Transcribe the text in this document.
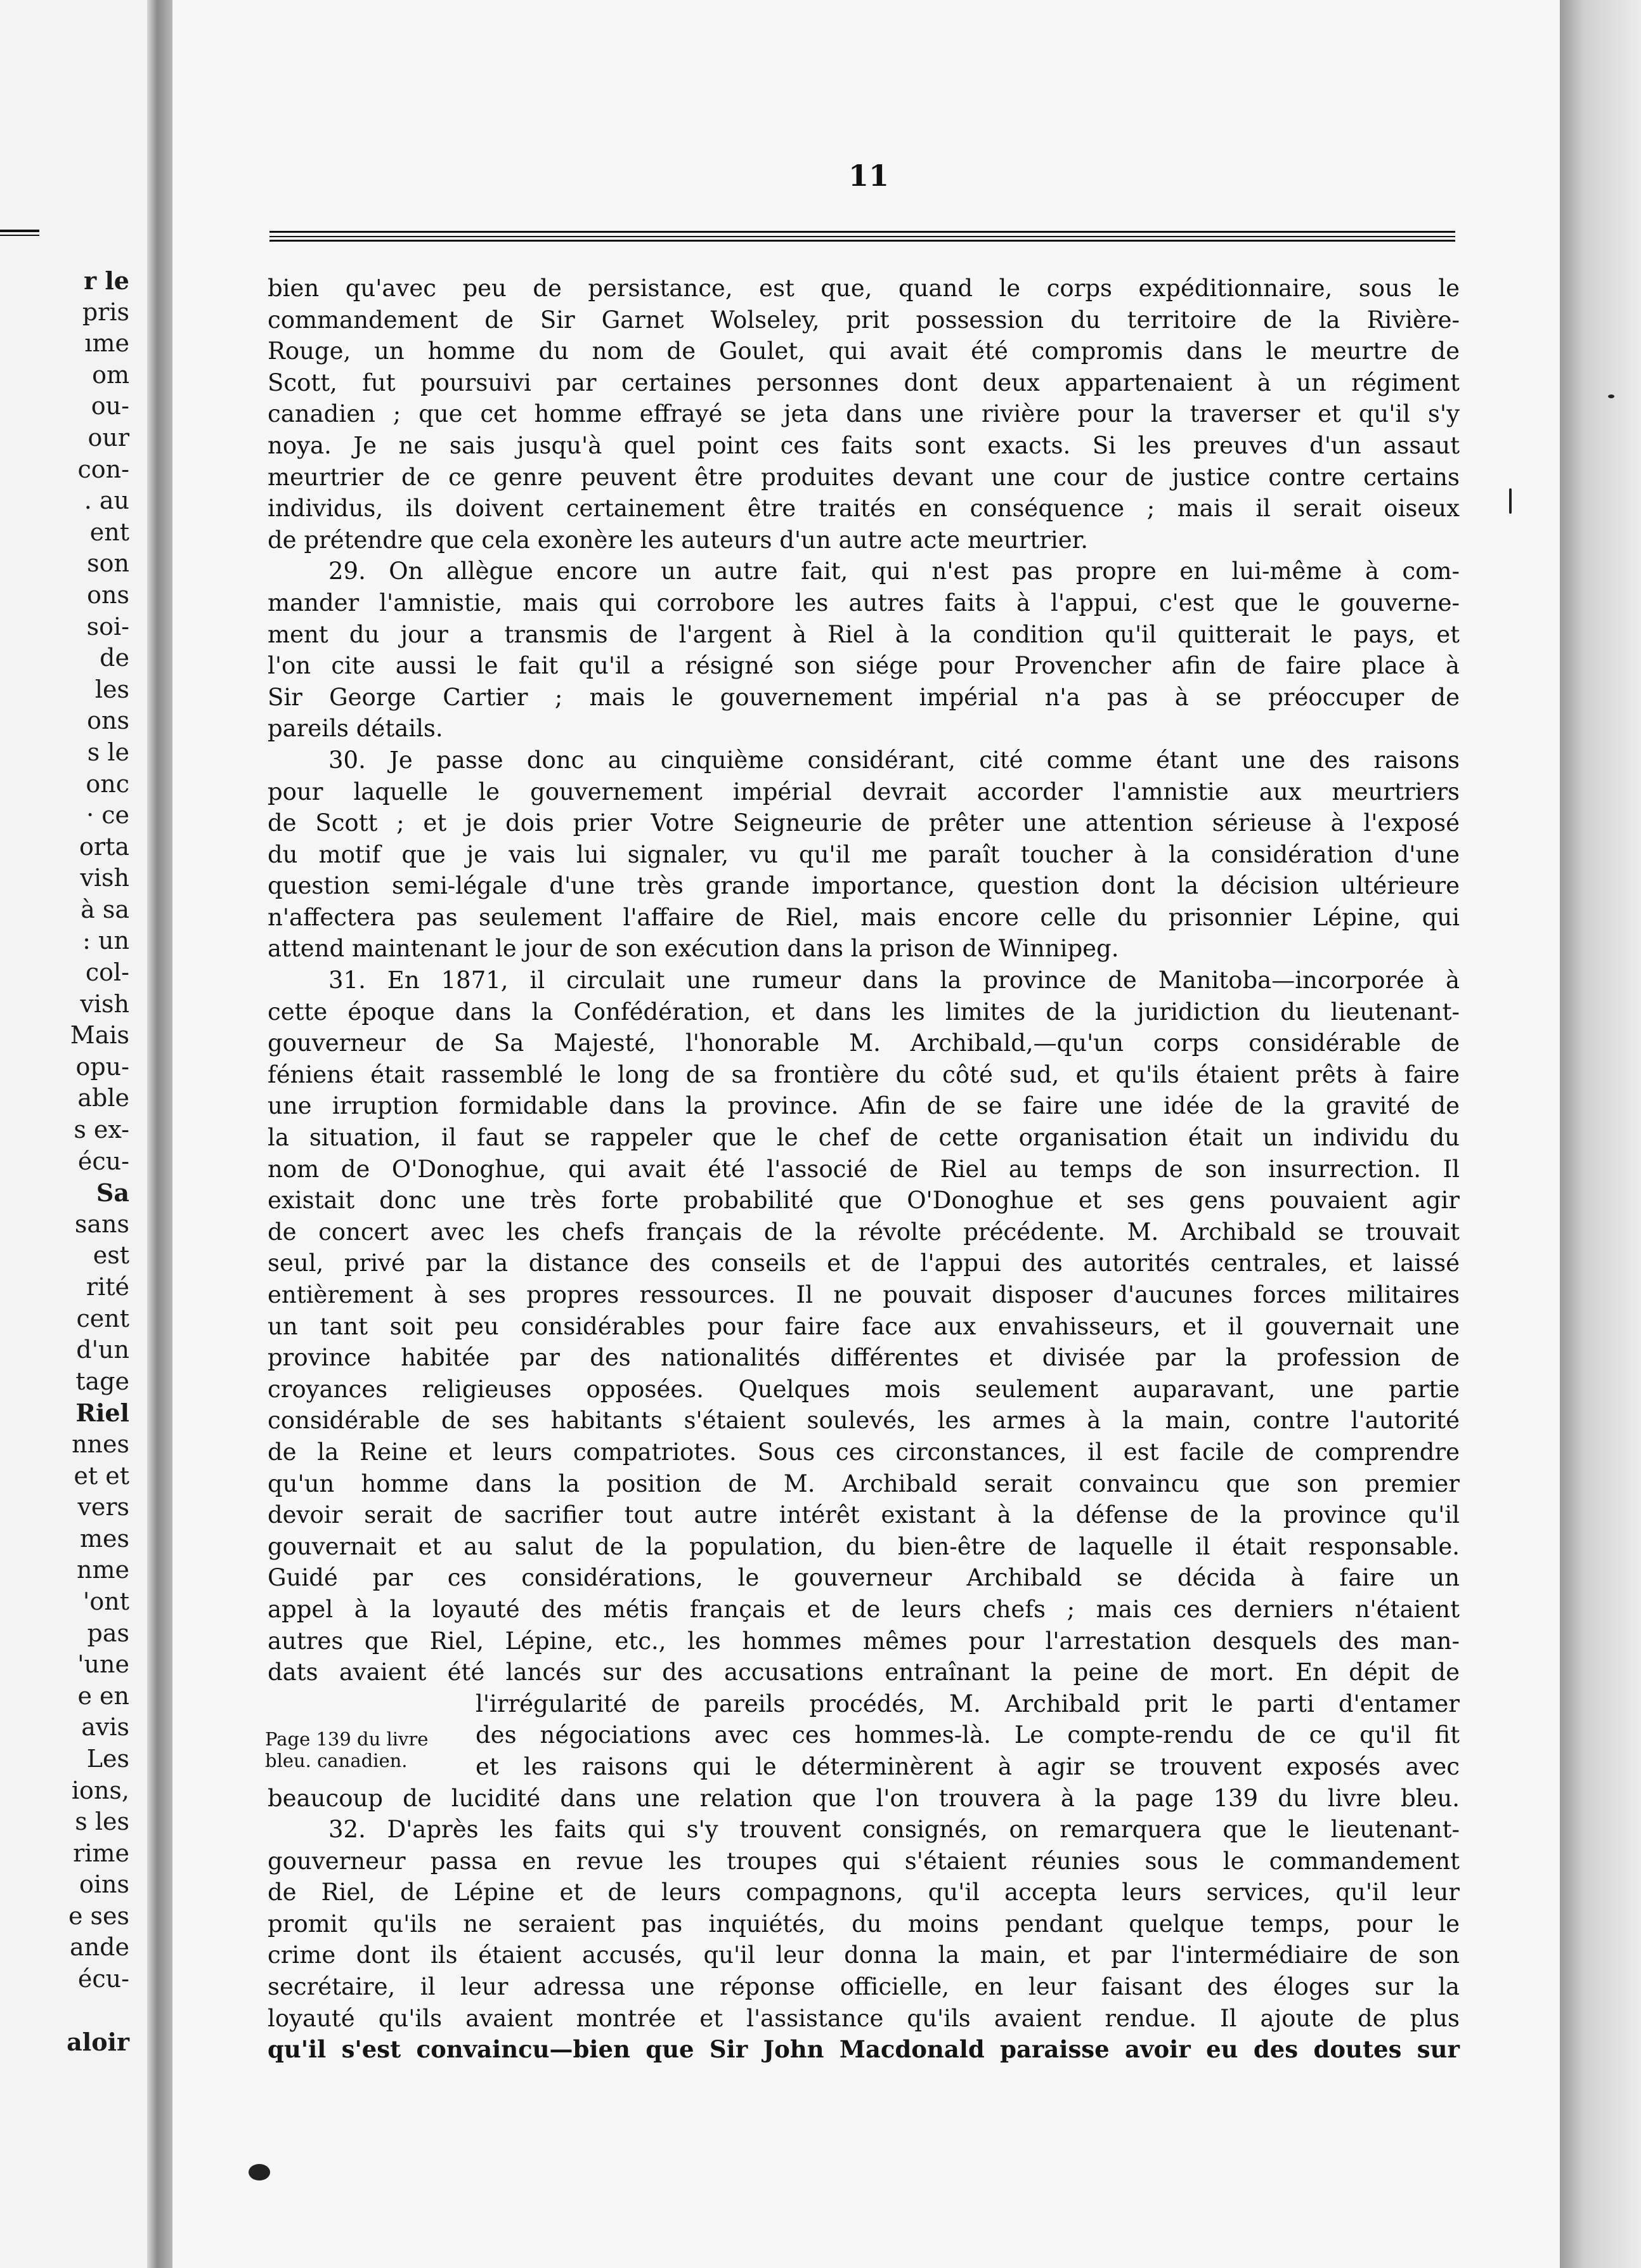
r le
pris
ıme
om
ou-
our
con-
. au
ent
son
ons
soi-
de
les
ons
s le
onc
· ce
orta
vish
à sa
: un
col-
vish
Mais
opu-
able
s ex-
écu-
Sa
sans
est
rité
cent
d'un
tage
Riel
nnes
et et
vers
mes
nme
'ont
pas
'une
e en
avis
Les
ions,
s les
rime
oins
e ses
ande
écu-
aloir
11
bien qu'avec peu de persistance, est que, quand le corps expéditionnaire, sous le
commandement de Sir Garnet Wolseley, prit possession du territoire de la Rivière-
Rouge, un homme du nom de Goulet, qui avait été compromis dans le meurtre de
Scott, fut poursuivi par certaines personnes dont deux appartenaient à un régiment
canadien ; que cet homme effrayé se jeta dans une rivière pour la traverser et qu'il s'y
noya. Je ne sais jusqu'à quel point ces faits sont exacts. Si les preuves d'un assaut
meurtrier de ce genre peuvent être produites devant une cour de justice contre certains
individus, ils doivent certainement être traités en conséquence ; mais il serait oiseux
de prétendre que cela exonère les auteurs d'un autre acte meurtrier.
29. On allègue encore un autre fait, qui n'est pas propre en lui-même à com-
mander l'amnistie, mais qui corrobore les autres faits à l'appui, c'est que le gouverne-
ment du jour a transmis de l'argent à Riel à la condition qu'il quitterait le pays, et
l'on cite aussi le fait qu'il a résigné son siége pour Provencher afin de faire place à
Sir George Cartier ; mais le gouvernement impérial n'a pas à se préoccuper de
pareils détails.
30. Je passe donc au cinquième considérant, cité comme étant une des raisons
pour laquelle le gouvernement impérial devrait accorder l'amnistie aux meurtriers
de Scott ; et je dois prier Votre Seigneurie de prêter une attention sérieuse à l'exposé
du motif que je vais lui signaler, vu qu'il me paraît toucher à la considération d'une
question semi-légale d'une très grande importance, question dont la décision ultérieure
n'affectera pas seulement l'affaire de Riel, mais encore celle du prisonnier Lépine, qui
attend maintenant le jour de son exécution dans la prison de Winnipeg.
31. En 1871, il circulait une rumeur dans la province de Manitoba—incorporée à
cette époque dans la Confédération, et dans les limites de la juridiction du lieutenant-
gouverneur de Sa Majesté, l'honorable M. Archibald,—qu'un corps considérable de
féniens était rassemblé le long de sa frontière du côté sud, et qu'ils étaient prêts à faire
une irruption formidable dans la province. Afin de se faire une idée de la gravité de
la situation, il faut se rappeler que le chef de cette organisation était un individu du
nom de O'Donoghue, qui avait été l'associé de Riel au temps de son insurrection. Il
existait donc une très forte probabilité que O'Donoghue et ses gens pouvaient agir
de concert avec les chefs français de la révolte précédente. M. Archibald se trouvait
seul, privé par la distance des conseils et de l'appui des autorités centrales, et laissé
entièrement à ses propres ressources. Il ne pouvait disposer d'aucunes forces militaires
un tant soit peu considérables pour faire face aux envahisseurs, et il gouvernait une
province habitée par des nationalités différentes et divisée par la profession de
croyances religieuses opposées. Quelques mois seulement auparavant, une partie
considérable de ses habitants s'étaient soulevés, les armes à la main, contre l'autorité
de la Reine et leurs compatriotes. Sous ces circonstances, il est facile de comprendre
qu'un homme dans la position de M. Archibald serait convaincu que son premier
devoir serait de sacrifier tout autre intérêt existant à la défense de la province qu'il
gouvernait et au salut de la population, du bien-être de laquelle il était responsable.
Guidé par ces considérations, le gouverneur Archibald se décida à faire un
appel à la loyauté des métis français et de leurs chefs ; mais ces derniers n'étaient
autres que Riel, Lépine, etc., les hommes mêmes pour l'arrestation desquels des man-
dats avaient été lancés sur des accusations entraînant la peine de mort. En dépit de
l'irrégularité de pareils procédés, M. Archibald prit le parti d'entamer
des négociations avec ces hommes-là. Le compte-rendu de ce qu'il fit
et les raisons qui le déterminèrent à agir se trouvent exposés avec
beaucoup de lucidité dans une relation que l'on trouvera à la page 139 du livre bleu.
32. D'après les faits qui s'y trouvent consignés, on remarquera que le lieutenant-
gouverneur passa en revue les troupes qui s'étaient réunies sous le commandement
de Riel, de Lépine et de leurs compagnons, qu'il accepta leurs services, qu'il leur
promit qu'ils ne seraient pas inquiétés, du moins pendant quelque temps, pour le
crime dont ils étaient accusés, qu'il leur donna la main, et par l'intermédiaire de son
secrétaire, il leur adressa une réponse officielle, en leur faisant des éloges sur la
loyauté qu'ils avaient montrée et l'assistance qu'ils avaient rendue. Il ajoute de plus
qu'il s'est convaincu—bien que Sir John Macdonald paraisse avoir eu des doutes sur
Page 139 du livre
bleu. canadien.
